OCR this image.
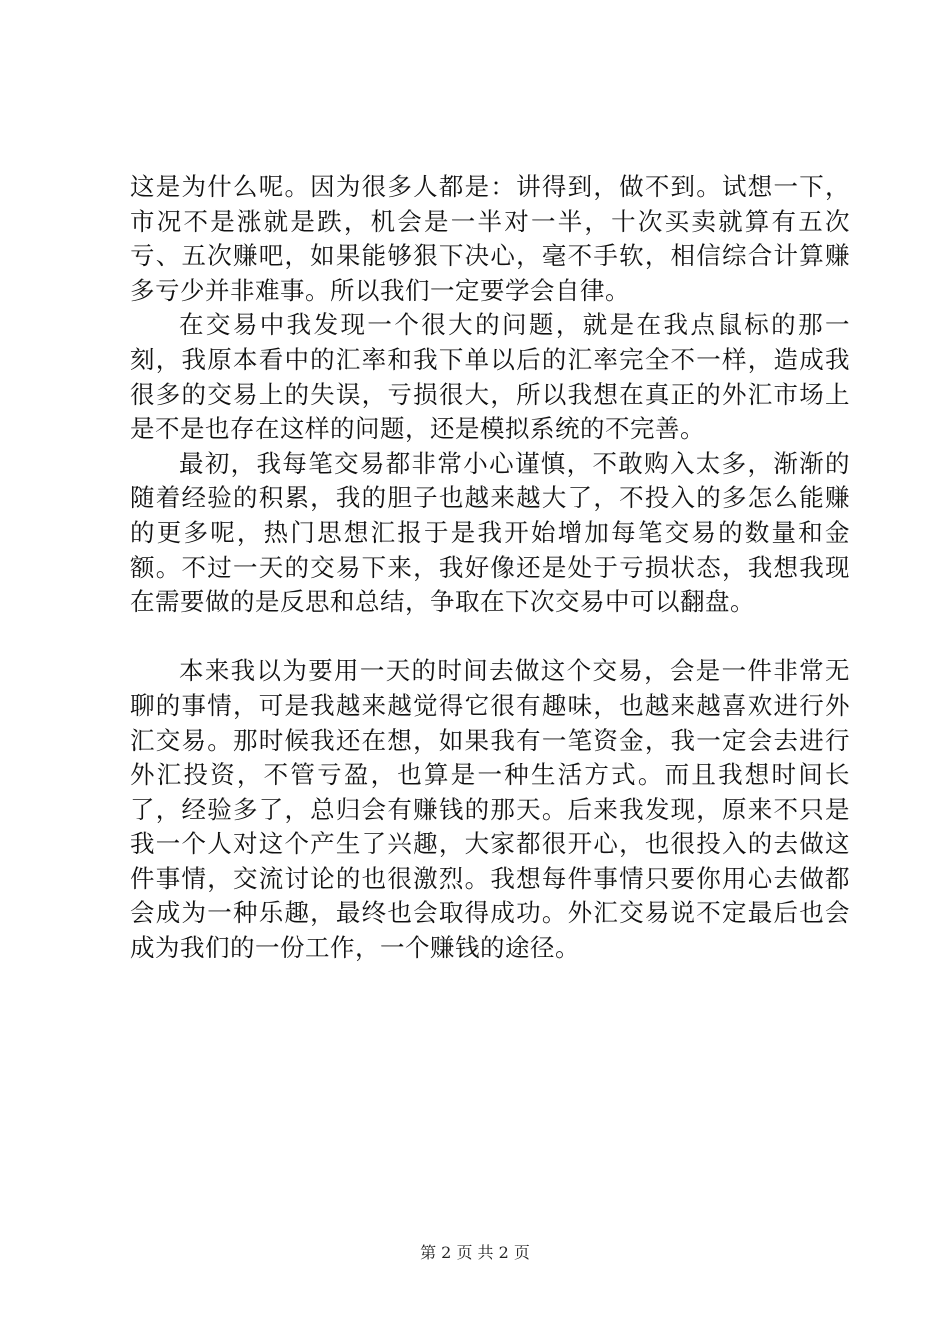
这是为什么呢。因为很多人都是：讲得到，做不到。试想一下，市况不是涨就是跌，机会是一半对一半，十次买卖就算有五次亏、五次赚吧，如果能够狠下决心，毫不手软，相信综合计算赚多亏少并非难事。所以我们一定要学会自律。

在交易中我发现一个很大的问题，就是在我点鼠标的那一刻，我原本看中的汇率和我下单以后的汇率完全不一样，造成我很多的交易上的失误，亏损很大，所以我想在真正的外汇市场上是不是也存在这样的问题，还是模拟系统的不完善。

最初，我每笔交易都非常小心谨慎，不敢购入太多，渐渐的随着经验的积累，我的胆子也越来越大了，不投入的多怎么能赚的更多呢，热门思想汇报于是我开始增加每笔交易的数量和金额。不过一天的交易下来，我好像还是处于亏损状态，我想我现在需要做的是反思和总结，争取在下次交易中可以翻盘。

本来我以为要用一天的时间去做这个交易，会是一件非常无聊的事情，可是我越来越觉得它很有趣味，也越来越喜欢进行外汇交易。那时候我还在想，如果我有一笔资金，我一定会去进行外汇投资，不管亏盈，也算是一种生活方式。而且我想时间长了，经验多了，总归会有赚钱的那天。后来我发现，原来不只是我一个人对这个产生了兴趣，大家都很开心，也很投入的去做这件事情，交流讨论的也很激烈。我想每件事情只要你用心去做都会成为一种乐趣，最终也会取得成功。外汇交易说不定最后也会成为我们的一份工作，一个赚钱的途径。

第 2 页 共 2 页
